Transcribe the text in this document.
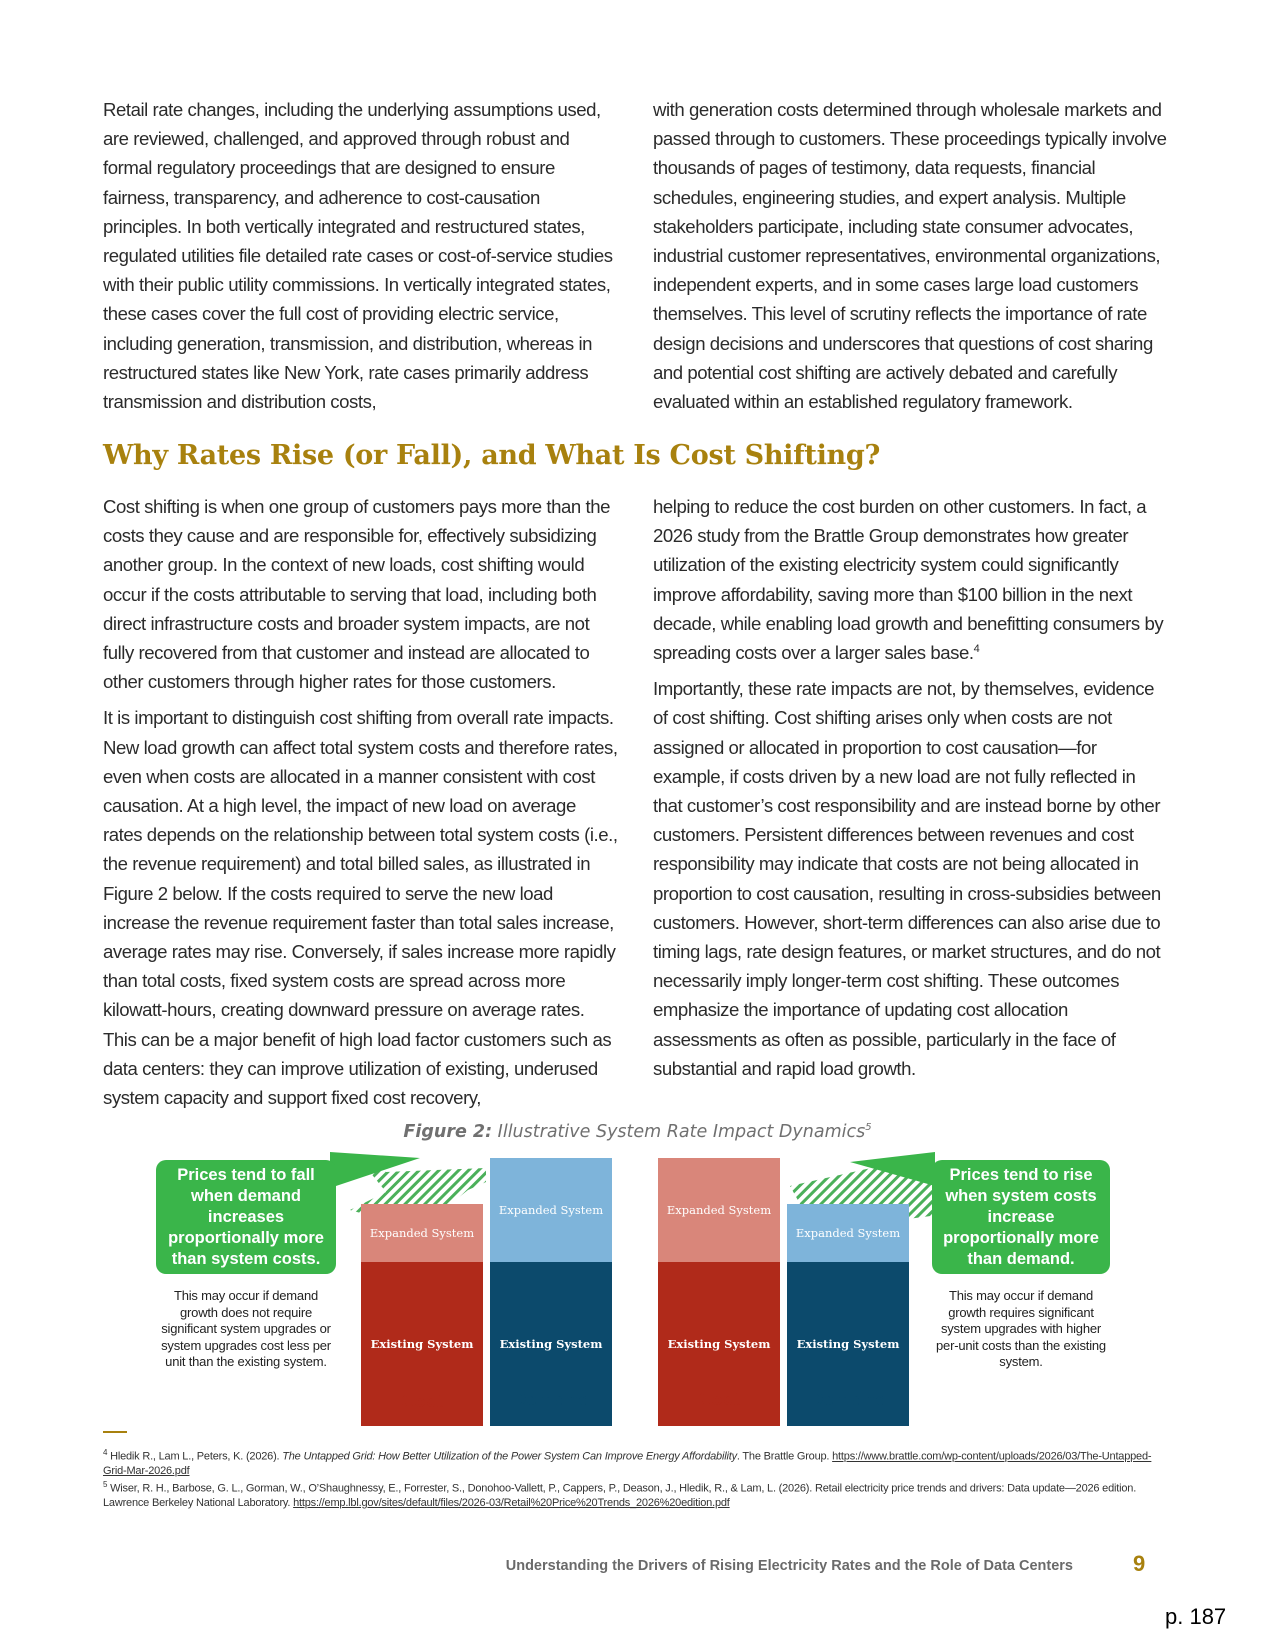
Retail rate changes, including the underlying assumptions used, are reviewed, challenged, and approved through robust and formal regulatory proceedings that are designed to ensure fairness, transparency, and adherence to cost-causation principles. In both vertically integrated and restructured states, regulated utilities file detailed rate cases or cost-of-service studies with their public utility commissions. In vertically integrated states, these cases cover the full cost of providing electric service, including generation, transmission, and distribution, whereas in restructured states like New York, rate cases primarily address transmission and distribution costs,

with generation costs determined through wholesale markets and passed through to customers. These proceedings typically involve thousands of pages of testimony, data requests, financial schedules, engineering studies, and expert analysis. Multiple stakeholders participate, including state consumer advocates, industrial customer representatives, environmental organizations, independent experts, and in some cases large load customers themselves. This level of scrutiny reflects the importance of rate design decisions and underscores that questions of cost sharing and potential cost shifting are actively debated and carefully evaluated within an established regulatory framework.

Why Rates Rise (or Fall), and What Is Cost Shifting?

Cost shifting is when one group of customers pays more than the costs they cause and are responsible for, effectively subsidizing another group. In the context of new loads, cost shifting would occur if the costs attributable to serving that load, including both direct infrastructure costs and broader system impacts, are not fully recovered from that customer and instead are allocated to other customers through higher rates for those customers.

It is important to distinguish cost shifting from overall rate impacts. New load growth can affect total system costs and therefore rates, even when costs are allocated in a manner consistent with cost causation. At a high level, the impact of new load on average rates depends on the relationship between total system costs (i.e., the revenue requirement) and total billed sales, as illustrated in Figure 2 below. If the costs required to serve the new load increase the revenue requirement faster than total sales increase, average rates may rise. Conversely, if sales increase more rapidly than total costs, fixed system costs are spread across more kilowatt-hours, creating downward pressure on average rates. This can be a major benefit of high load factor customers such as data centers: they can improve utilization of existing, underused system capacity and support fixed cost recovery,

helping to reduce the cost burden on other customers. In fact, a 2026 study from the Brattle Group demonstrates how greater utilization of the existing electricity system could significantly improve affordability, saving more than $100 billion in the next decade, while enabling load growth and benefitting consumers by spreading costs over a larger sales base.$^4$

Importantly, these rate impacts are not, by themselves, evidence of cost shifting. Cost shifting arises only when costs are not assigned or allocated in proportion to cost causation—for example, if costs driven by a new load are not fully reflected in that customer’s cost responsibility and are instead borne by other customers. Persistent differences between revenues and cost responsibility may indicate that costs are not being allocated in proportion to cost causation, resulting in cross-subsidies between customers. However, short-term differences can also arise due to timing lags, rate design features, or market structures, and do not necessarily imply longer-term cost shifting. These outcomes emphasize the importance of updating cost allocation assessments as often as possible, particularly in the face of substantial and rapid load growth.

Figure 2: Illustrative System Rate Impact Dynamics$^5$
Expanded System
Existing System
Expanded System
Existing System
Expanded System
Existing System
Expanded System
Existing System
Cost	Demand	Cost	Demand
Prices tend to fall when demand increases proportionally more than system costs.
This may occur if demand growth does not require significant system upgrades or system upgrades cost less per unit than the existing system.
Prices tend to rise when system costs increase proportionally more than demand.
This may occur if demand growth requires significant system upgrades with higher per-unit costs than the existing system.
$^4$ Hledik R., Lam L., Peters, K. (2026). The Untapped Grid: How Better Utilization of the Power System Can Improve Energy Affordability. The Brattle Group. https://www.brattle.com/wp-content/uploads/2026/03/The-Untapped-Grid-Mar-2026.pdf
$^5$ Wiser, R. H., Barbose, G. L., Gorman, W., O’Shaughnessy, E., Forrester, S., Donohoo-Vallett, P., Cappers, P., Deason, J., Hledik, R., & Lam, L. (2026). Retail electricity price trends and drivers: Data update—2026 edition. Lawrence Berkeley National Laboratory. https://emp.lbl.gov/sites/default/files/2026-03/Retail%20Price%20Trends_2026%20edition.pdf
Understanding the Drivers of Rising Electricity Rates and the Role of Data Centers	9
p. 187
